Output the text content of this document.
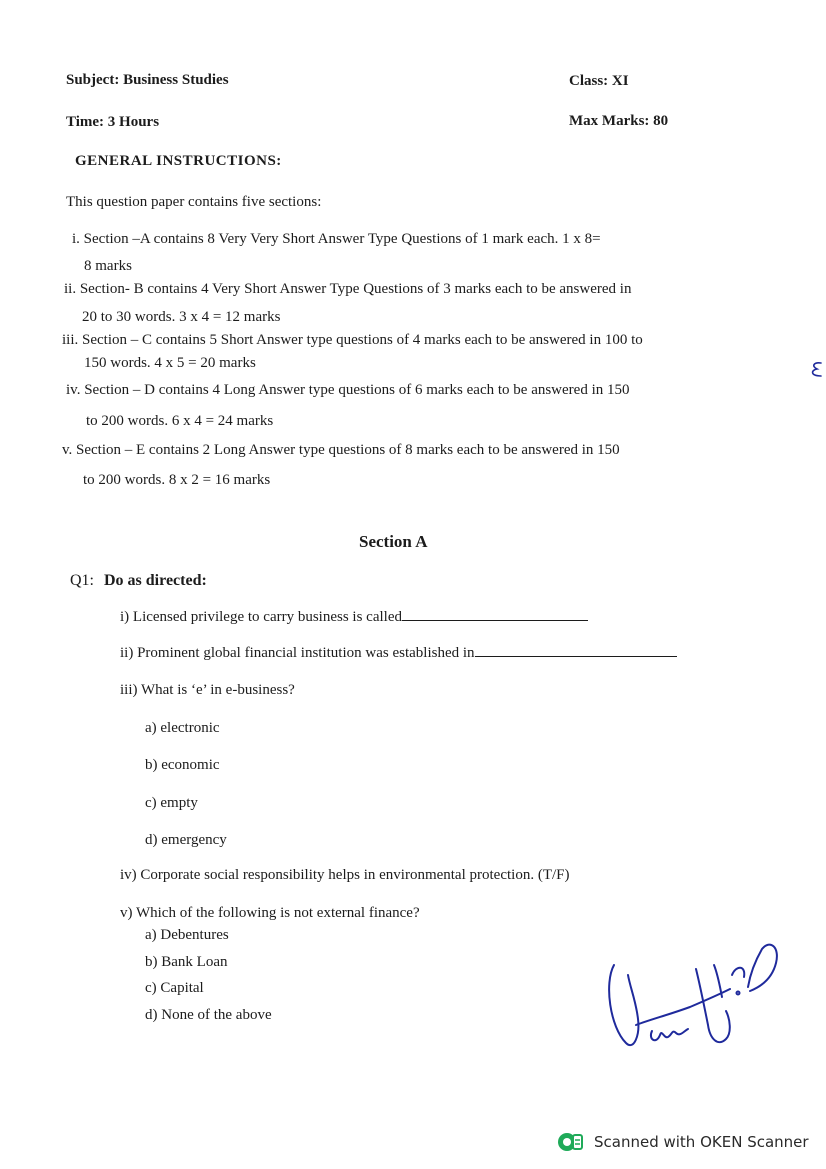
Subject: Business Studies	Class: XI
Time: 3 Hours	Max Marks: 80
GENERAL INSTRUCTIONS:
This question paper contains five sections:
i. Section –A contains 8 Very Very Short Answer Type Questions of 1 mark each. 1 x 8=
8 marks
ii. Section- B contains 4 Very Short Answer Type Questions of 3 marks each to be answered in
20 to 30 words. 3 x 4 = 12 marks
iii. Section – C contains 5 Short Answer type questions of 4 marks each to be answered in 100 to
150 words. 4 x 5 = 20 marks
iv. Section – D contains 4 Long Answer type questions of 6 marks each to be answered in 150
to 200 words. 6 x 4 = 24 marks
v. Section – E contains 2 Long Answer type questions of 8 marks each to be answered in 150
to 200 words. 8 x 2 = 16 marks
Section A
Q1: Do as directed:
i) Licensed privilege to carry business is called
ii) Prominent global financial institution was established in
iii) What is ‘e’ in e-business?
a) electronic
b) economic
c) empty
d) emergency
iv) Corporate social responsibility helps in environmental protection. (T/F)
v) Which of the following is not external finance?
a) Debentures
b) Bank Loan
c) Capital
d) None of the above
Scanned with OKEN Scanner
